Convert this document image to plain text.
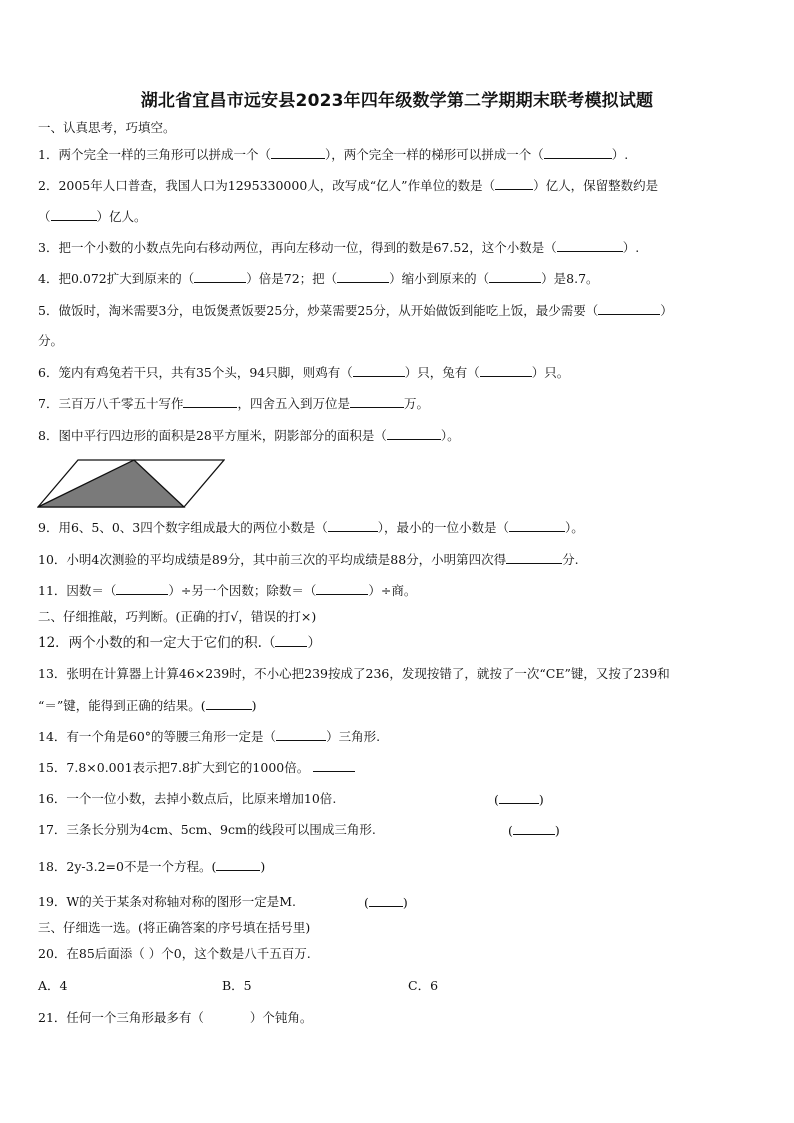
湖北省宜昌市远安县2023年四年级数学第二学期期末联考模拟试题
一、认真思考，巧填空。
1．两个完全一样的三角形可以拼成一个（	），两个完全一样的梯形可以拼成一个（	）.
2．2005年人口普查，我国人口为1295330000人，改写成“亿人”作单位的数是（	）亿人，保留整数约是
（	）亿人。
3．把一个小数的小数点先向右移动两位，再向左移动一位，得到的数是67.52，这个小数是（	）.
4．把0.072扩大到原来的（	）倍是72；把（	）缩小到原来的（	）是8.7。
5．做饭时，淘米需要3分，电饭煲煮饭要25分，炒菜需要25分，从开始做饭到能吃上饭，最少需要（	）
分。
6．笼内有鸡兔若干只，共有35个头，94只脚，则鸡有（	）只，兔有（	）只。
7．三百万八千零五十写作	，四舍五入到万位是	万。
8．图中平行四边形的面积是28平方厘米，阴影部分的面积是（	）。
9．用6、5、0、3四个数字组成最大的两位小数是（	），最小的一位小数是（	）。
10．小明4次测验的平均成绩是89分，其中前三次的平均成绩是88分，小明第四次得	分.
11．因数＝（	）÷另一个因数；除数＝（	）÷商。
二、仔细推敲，巧判断。(正确的打√，错误的打×)
12．两个小数的和一定大于它们的积.（ ）
13．张明在计算器上计算46×239时，不小心把239按成了236，发现按错了，就按了一次“CE”键，又按了239和
“＝”键，能得到正确的结果。(	)
14．有一个角是60°的等腰三角形一定是（	）三角形.
15．7.8×0.001表示把7.8扩大到它的1000倍。
16．一个一位小数，去掉小数点后，比原来增加10倍.	(	)
17．三条长分别为4cm、5cm、9cm的线段可以围成三角形.	(	)
18．2y-3.2=0不是一个方程。(	)
19．W的关于某条对称轴对称的图形一定是M.	(	)
三、仔细选一选。(将正确答案的序号填在括号里)
20．在85后面添（ ）个0，这个数是八千五百万.
A．4	B．5	C．6
21．任何一个三角形最多有（	）个钝角。
